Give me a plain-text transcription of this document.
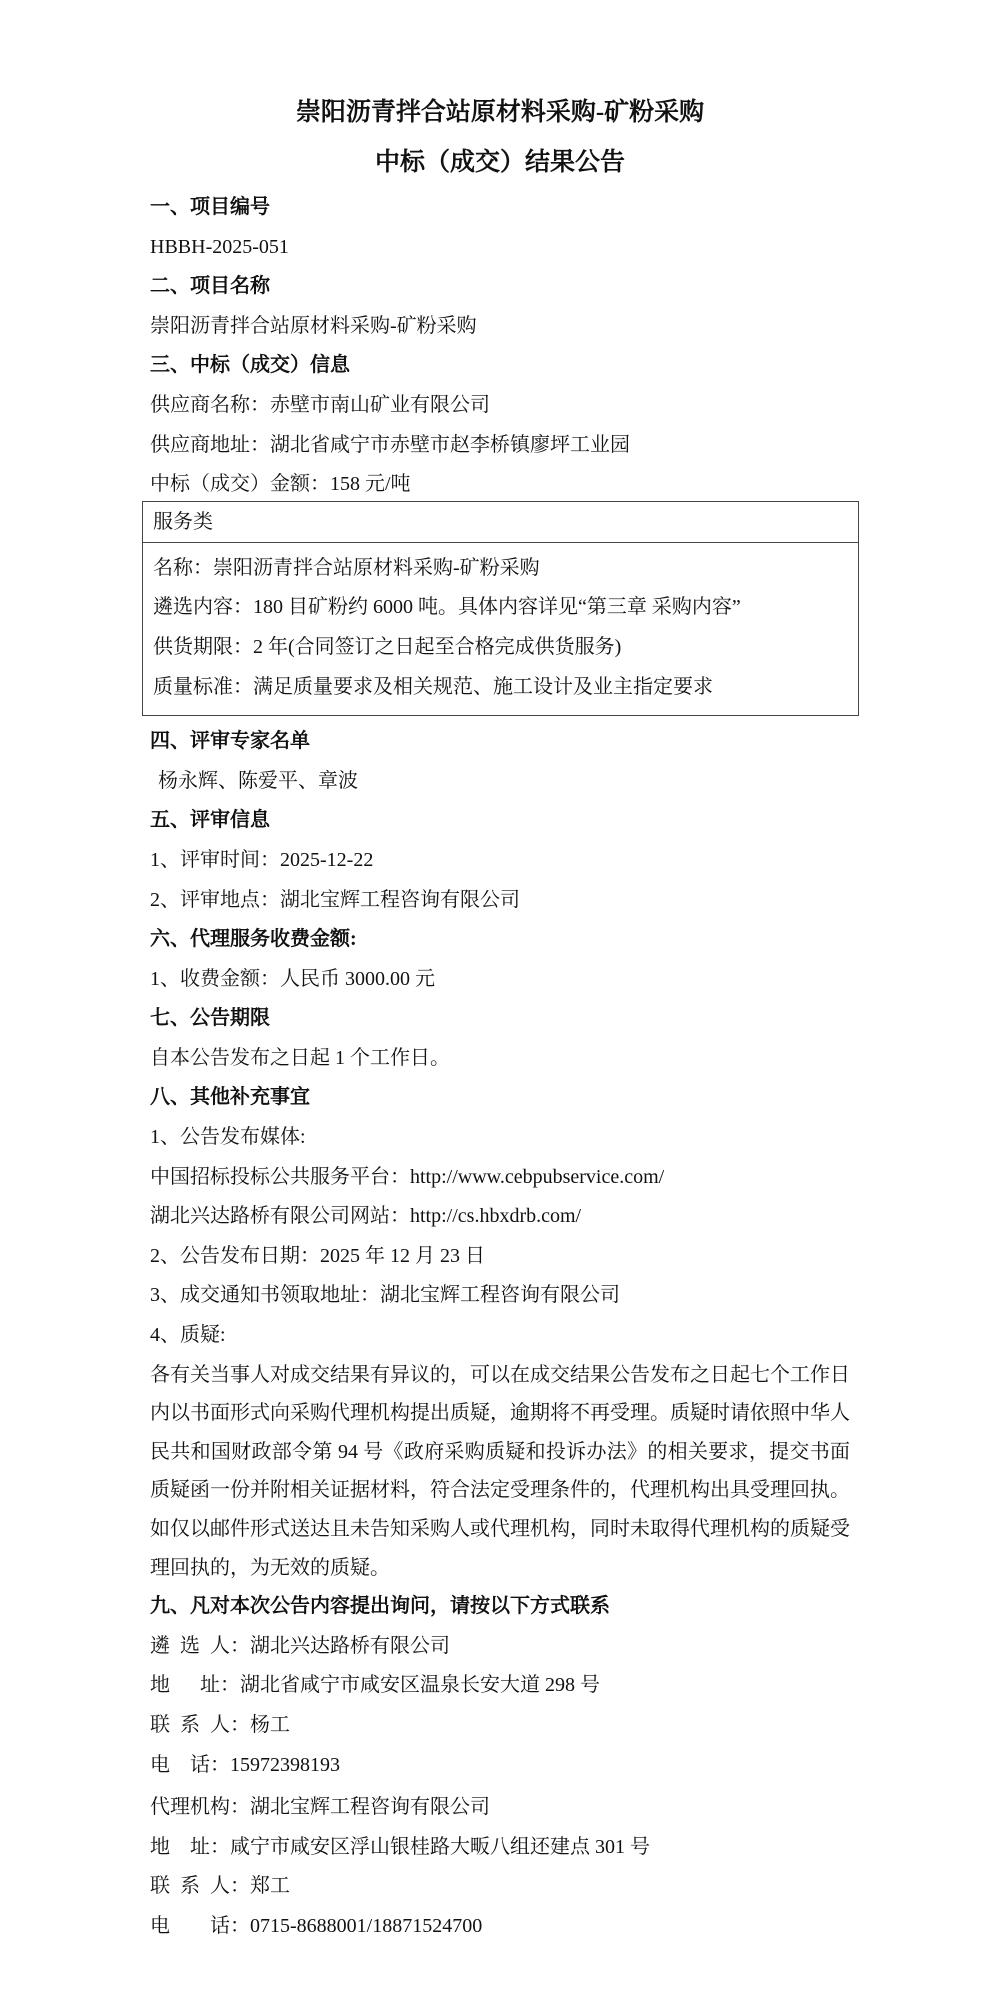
崇阳沥青拌合站原材料采购-矿粉采购
中标（成交）结果公告
一、项目编号
HBBH-2025-051
二、项目名称
崇阳沥青拌合站原材料采购-矿粉采购
三、中标（成交）信息
供应商名称：赤壁市南山矿业有限公司
供应商地址：湖北省咸宁市赤壁市赵李桥镇廖坪工业园
中标（成交）金额：158 元/吨
服务类
名称：崇阳沥青拌合站原材料采购-矿粉采购
遴选内容：180 目矿粉约 6000 吨。具体内容详见“第三章 采购内容”
供货期限：2 年(合同签订之日起至合格完成供货服务)
质量标准：满足质量要求及相关规范、施工设计及业主指定要求
四、评审专家名单
杨永辉、陈爱平、章波
五、评审信息
1、评审时间：2025-12-22
2、评审地点：湖北宝辉工程咨询有限公司
六、代理服务收费金额:
1、收费金额：人民币 3000.00 元
七、公告期限
自本公告发布之日起 1 个工作日。
八、其他补充事宜
1、公告发布媒体:
中国招标投标公共服务平台：http://www.cebpubservice.com/
湖北兴达路桥有限公司网站：http://cs.hbxdrb.com/
2、公告发布日期：2025 年 12 月 23 日
3、成交通知书领取地址：湖北宝辉工程咨询有限公司
4、质疑:
各有关当事人对成交结果有异议的，可以在成交结果公告发布之日起七个工作日内以书面形式向采购代理机构提出质疑，逾期将不再受理。质疑时请依照中华人民共和国财政部令第 94 号《政府采购质疑和投诉办法》的相关要求，提交书面质疑函一份并附相关证据材料，符合法定受理条件的，代理机构出具受理回执。如仅以邮件形式送达且未告知采购人或代理机构，同时未取得代理机构的质疑受理回执的，为无效的质疑。
九、凡对本次公告内容提出询问，请按以下方式联系
遴  选  人：湖北兴达路桥有限公司
地      址：湖北省咸宁市咸安区温泉长安大道 298 号
联  系  人：杨工
电    话：15972398193
代理机构：湖北宝辉工程咨询有限公司
地    址：咸宁市咸安区浮山银桂路大畈八组还建点 301 号
联  系  人：郑工
电        话：0715-8688001/18871524700
